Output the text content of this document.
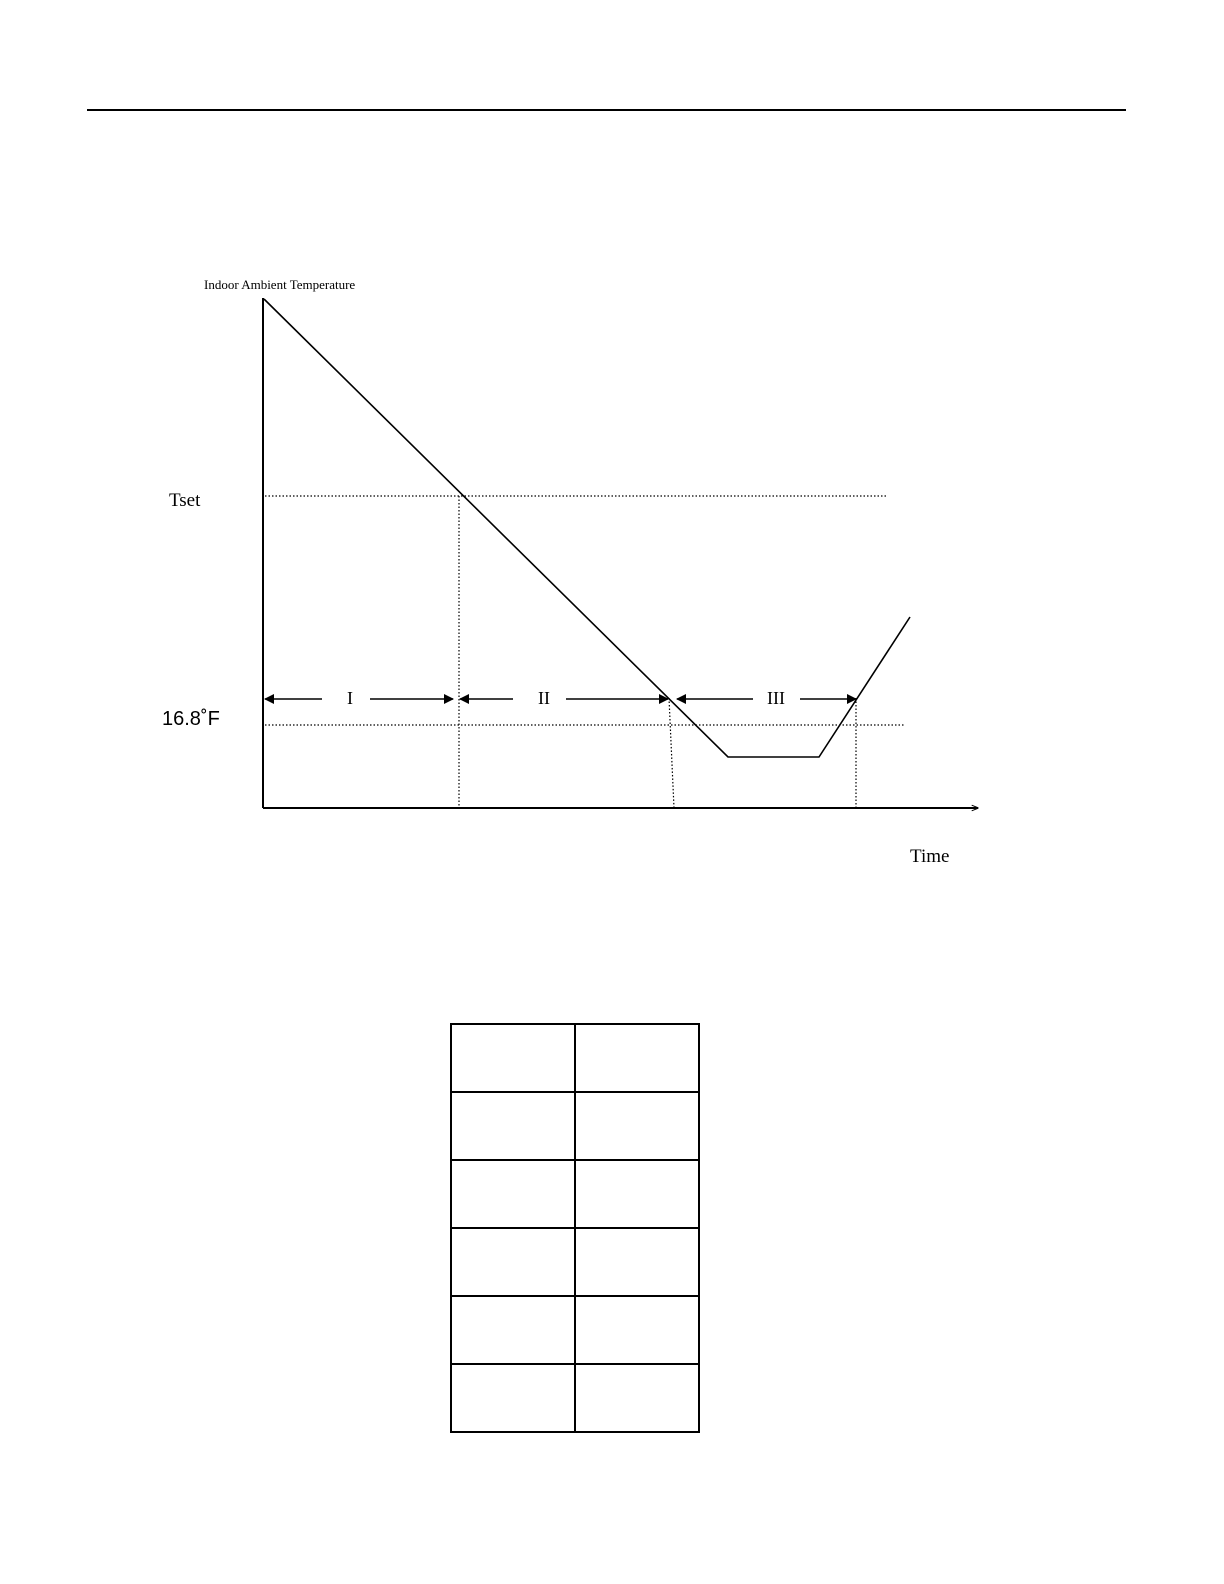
Indoor Ambient Temperature
Tset
16.8˚F
Time
I	II	III
